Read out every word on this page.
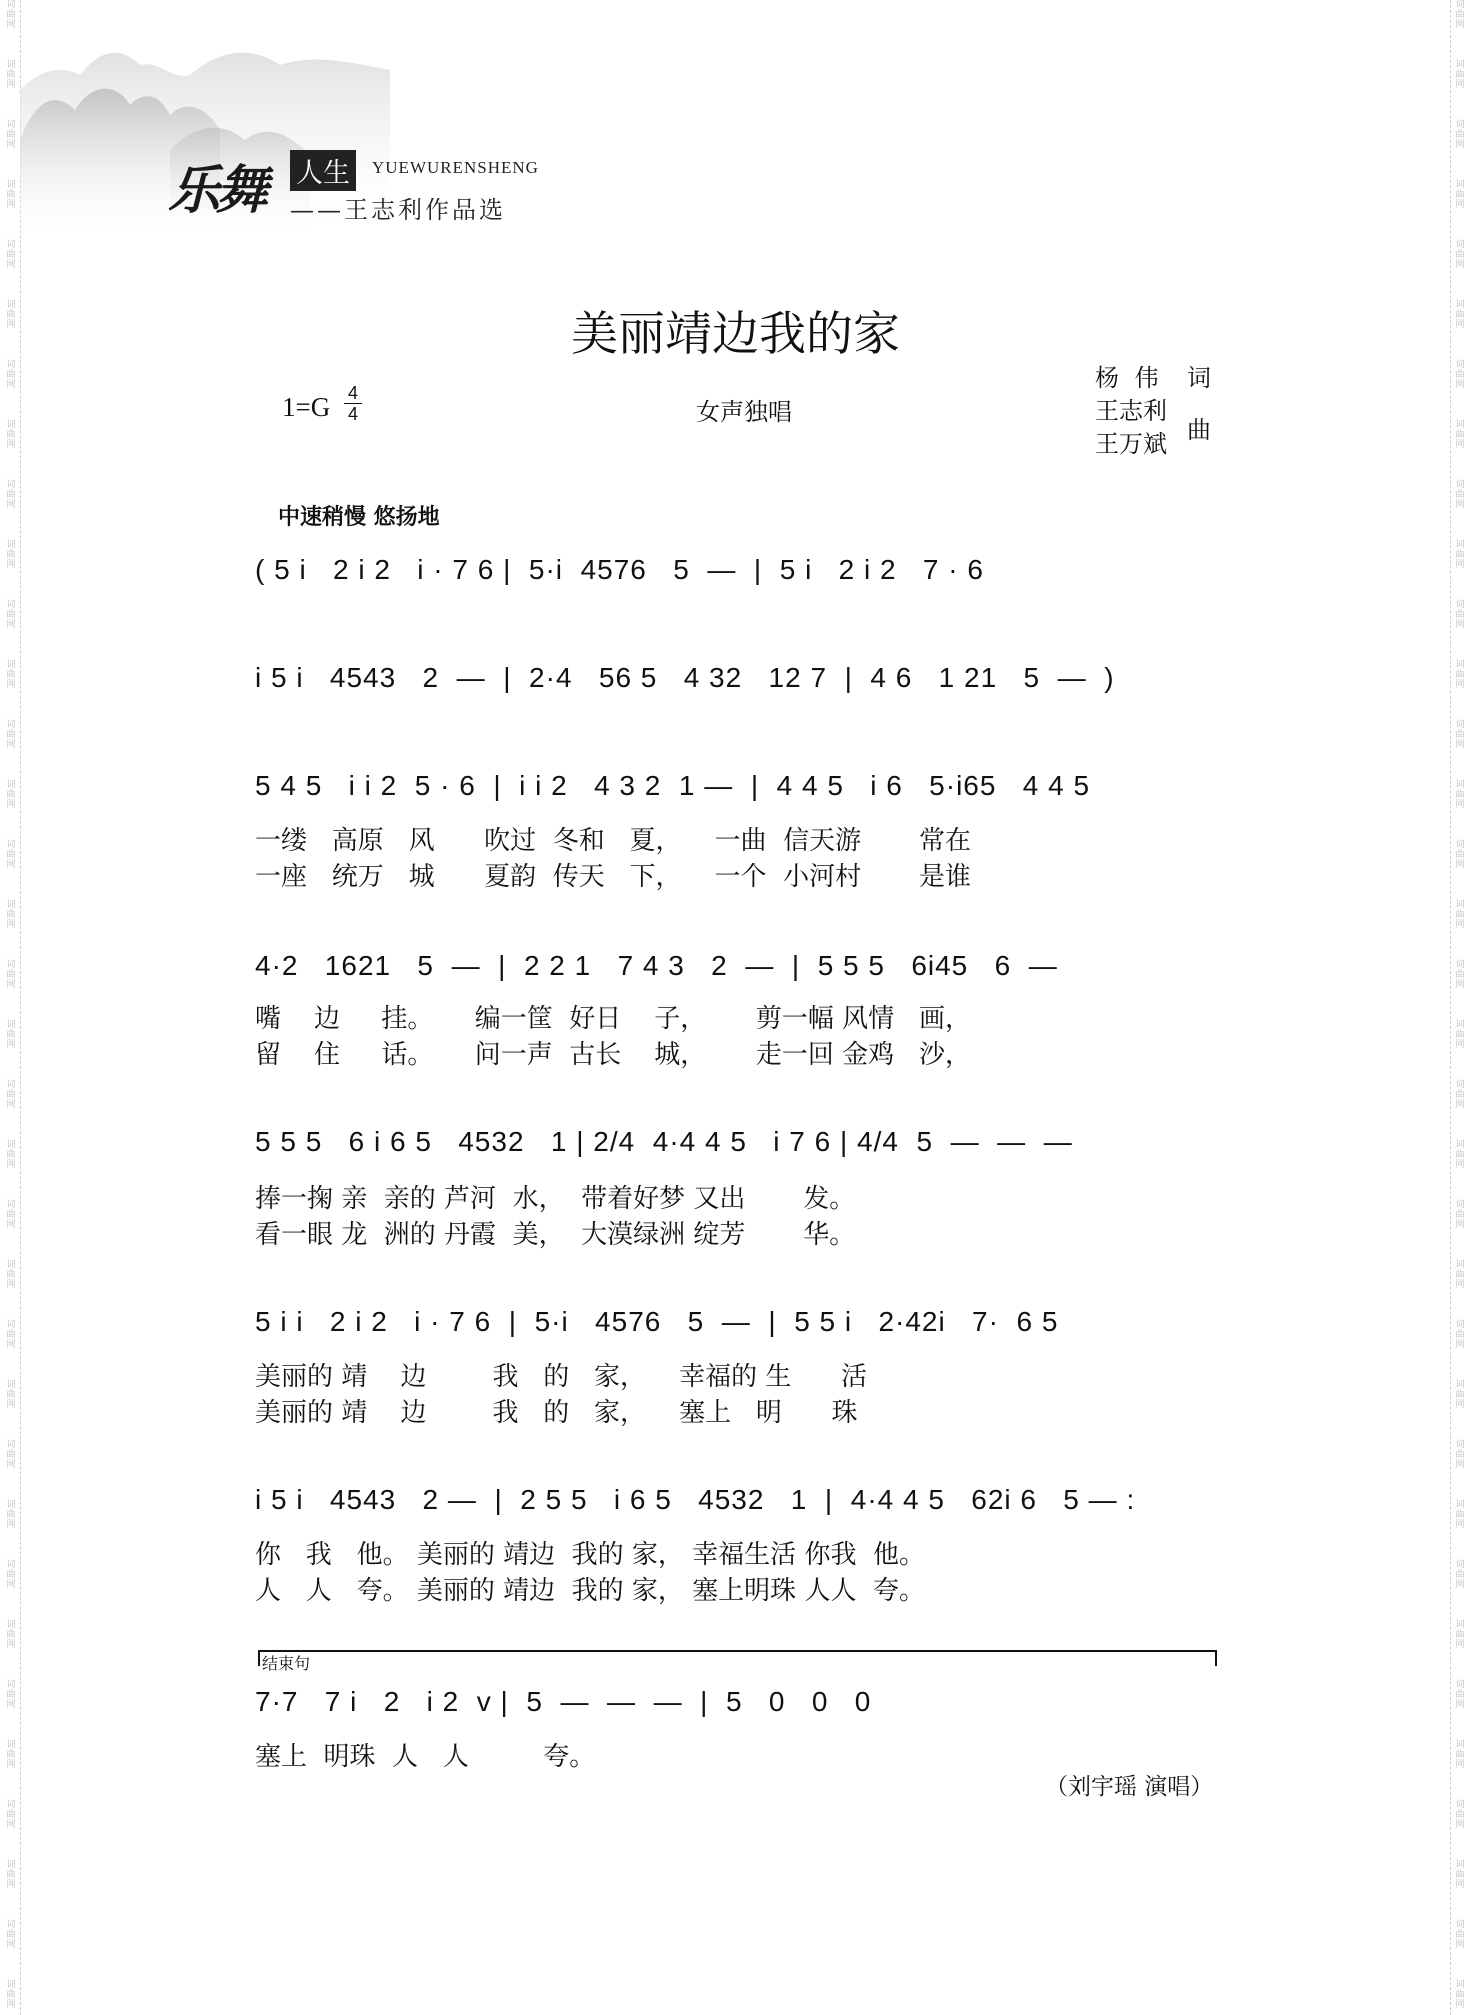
词
曲
网
词
曲
网
词
曲
网
词
曲
网
词
曲
网
词
曲
网
词
曲
网
词
曲
网
词
曲
网
词
曲
网
词
曲
网
词
曲
网
词
曲
网
词
曲
网
词
曲
网
词
曲
网
词
曲
网
词
曲
网
词
曲
网
词
曲
网
词
曲
网
词
曲
网
词
曲
网
词
曲
网
词
曲
网
词
曲
网
词
曲
网
词
曲
网
词
曲
网
词
曲
网
词
曲
网
词
曲
网
词
曲
网
词
曲
网
词
曲
网
词
曲
网
词
曲
网
词
曲
网
词
曲
网
词
曲
网
词
曲
网
词
曲
网
词
曲
网
词
曲
网
词
曲
网
词
曲
网
词
曲
网
词
曲
网
词
曲
网
词
曲
网
词
曲
网
词
曲
网
词
曲
网
词
曲
网
词
曲
网
词
曲
网
词
曲
网
词
曲
网
词
曲
网
词
曲
网
词
曲
网
词
曲
网
词
曲
网
词
曲
网
词
曲
网
词
曲
网
词
曲
网
词
曲
网
乐舞 人生	YUEWURENSHENG
——王志利作品选
美丽靖边我的家
$1=G \frac{4}{4}$	女声独唱
杨 伟	词
王志利
王万斌 曲
中速稍慢 悠扬地
( 5 i   2 i 2   i · 7 6 |  5·i  4576   5  —  |  5 i   2 i 2   7 · 6
i 5 i   4543   2  —  |  2·4   56 5   4 32   12 7  |  4 6   1 21   5  —  )
5 4 5   i i 2  5 · 6  |  i i 2   4 3 2  1 —  |  4 4 5   i 6   5·i65   4 4 5
一缕   高原   风      吹过  冬和   夏，    一曲  信天游       常在
一座   统万   城      夏韵  传天   下，    一个  小河村       是谁
4·2   1621   5  —  |  2 2 1   7 4 3   2  —  |  5 5 5   6i45   6  —
嘴    边     挂。     编一筐  好日    子，      剪一幅 风情   画，
留    住     话。     问一声  古长    城，      走一回 金鸡   沙，
5 5 5   6 i 6 5   4532   1 | 2/4  4·4 4 5   i 7 6 | 4/4  5  —  —  —
捧一掬 亲  亲的 芦河  水，  带着好梦 又出       发。
看一眼 龙  洲的 丹霞  美，  大漠绿洲 绽芳       华。
5 i i   2 i 2   i · 7 6  |  5·i   4576   5  —  |  5 5 i   2·42i   7·  6 5
美丽的 靖    边        我   的   家，    幸福的 生      活
美丽的 靖    边        我   的   家，    塞上   明      珠
i 5 i   4543   2 —  |  2 5 5   i 6 5   4532   1  |  4·4 4 5   62i 6   5 — :
你   我   他。 美丽的 靖边  我的 家， 幸福生活 你我  他。
人   人   夸。 美丽的 靖边  我的 家， 塞上明珠 人人  夸。
结束句
7·7   7 i   2   i 2  v |  5  —  —  —  |  5   0   0   0
塞上  明珠  人   人         夸。
（刘宇瑶 演唱）
